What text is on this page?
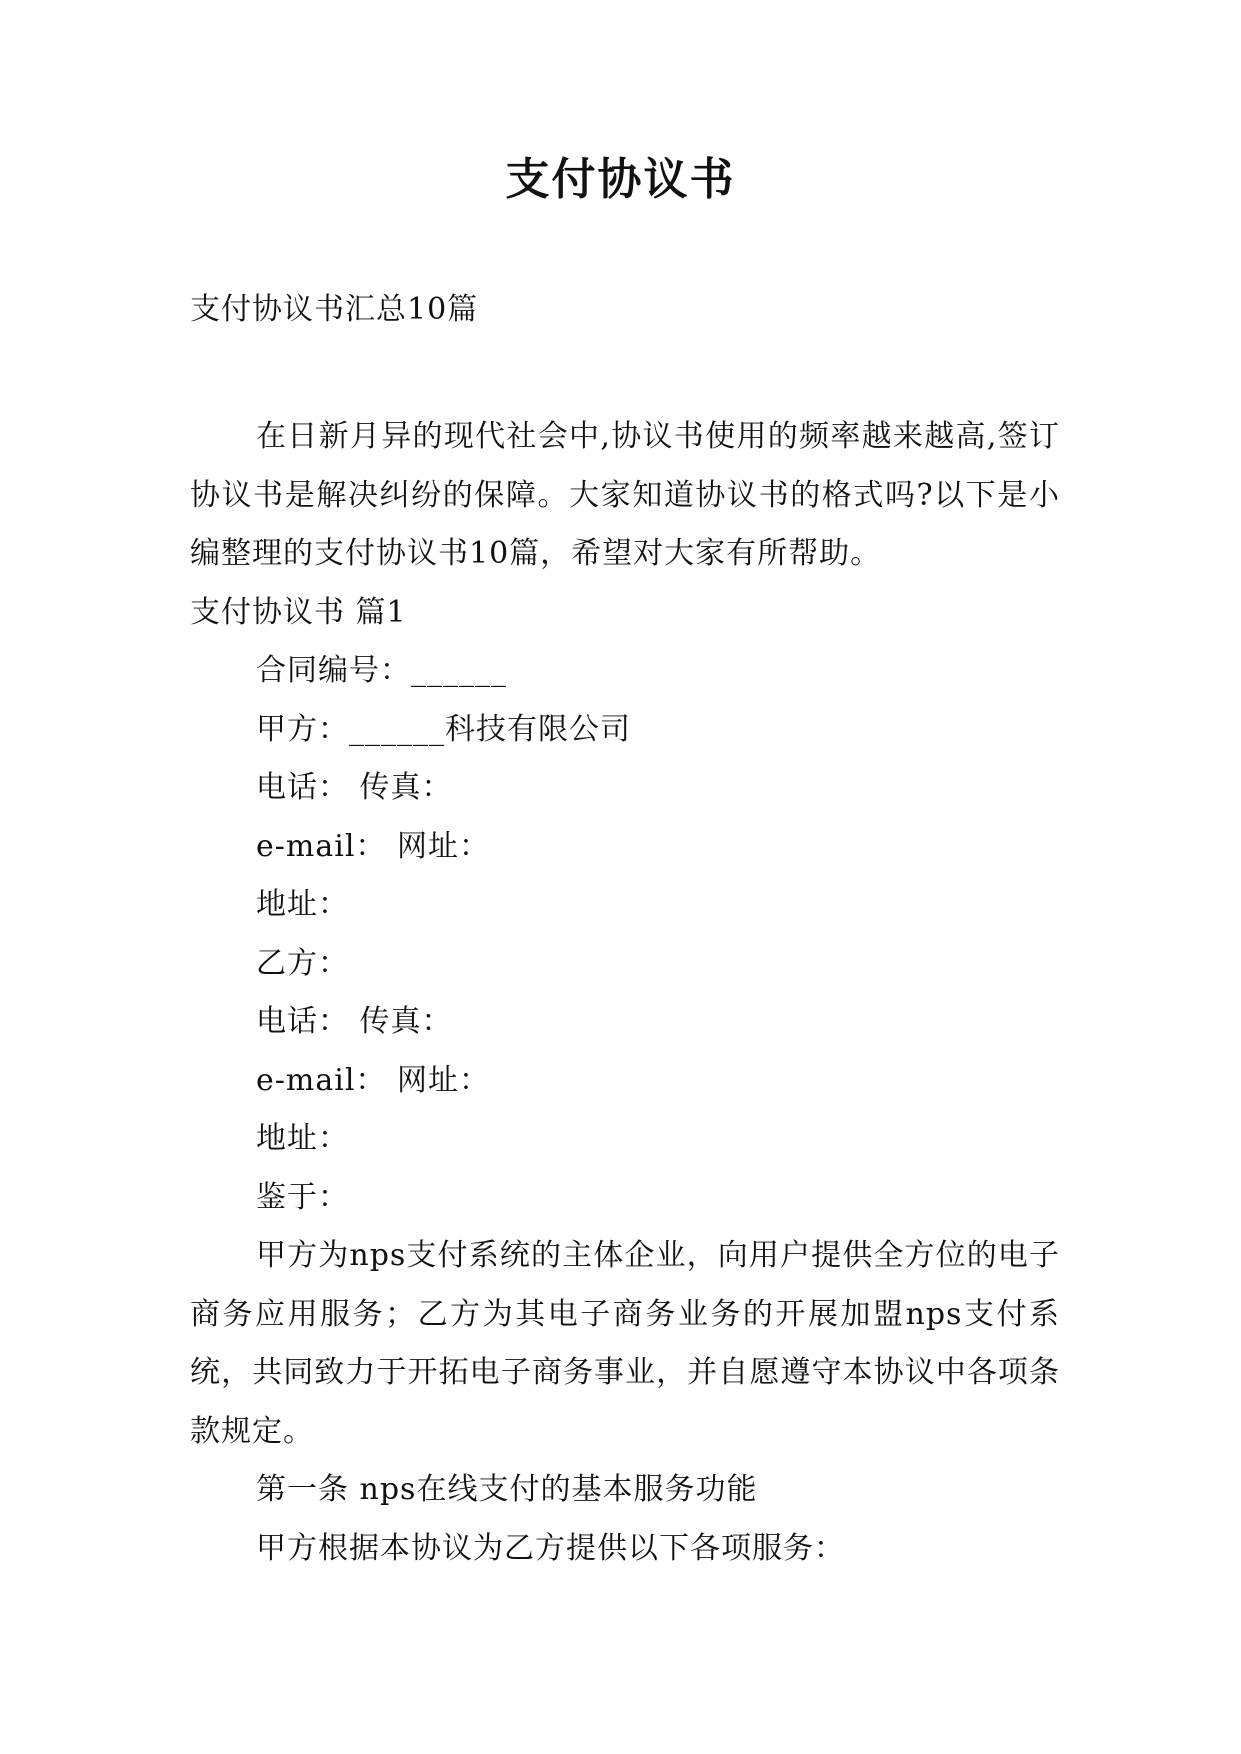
支付协议书
支付协议书汇总10篇

在日新月异的现代社会中,协议书使用的频率越来越高,签订协议书是解决纠纷的保障。大家知道协议书的格式吗?以下是小编整理的支付协议书10篇，希望对大家有所帮助。

支付协议书 篇1

合同编号：______

甲方：______科技有限公司

电话： 传真：

e-mail： 网址：

地址：

乙方：

电话： 传真：

e-mail： 网址：

地址：

鉴于：

甲方为nps支付系统的主体企业，向用户提供全方位的电子商务应用服务；乙方为其电子商务业务的开展加盟nps支付系统，共同致力于开拓电子商务事业，并自愿遵守本协议中各项条款规定。

第一条 nps在线支付的基本服务功能

甲方根据本协议为乙方提供以下各项服务：
